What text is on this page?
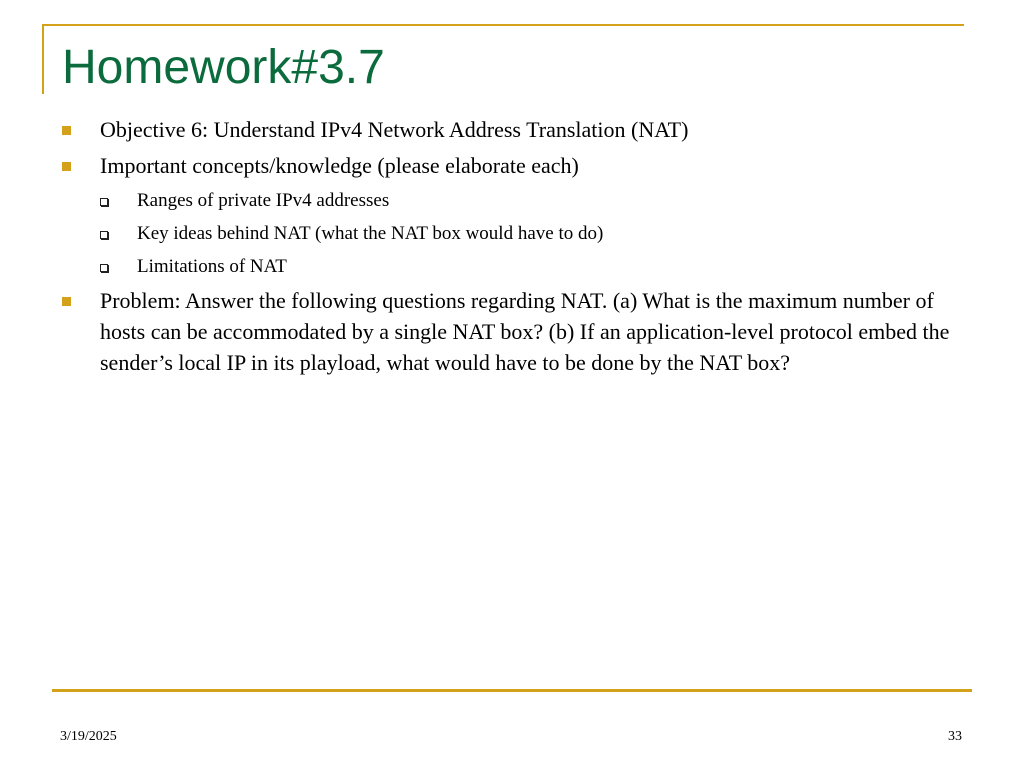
Homework#3.7
Objective 6: Understand IPv4 Network Address Translation (NAT)
Important concepts/knowledge (please elaborate each)
Ranges of private IPv4 addresses
Key ideas behind NAT (what the NAT box would have to do)
Limitations of NAT
Problem: Answer the following questions regarding NAT. (a) What is the maximum number of hosts can be accommodated by a single NAT box? (b) If an application-level protocol embed the sender’s local IP in its playload, what would have to be done by the NAT box?
3/19/2025	33
